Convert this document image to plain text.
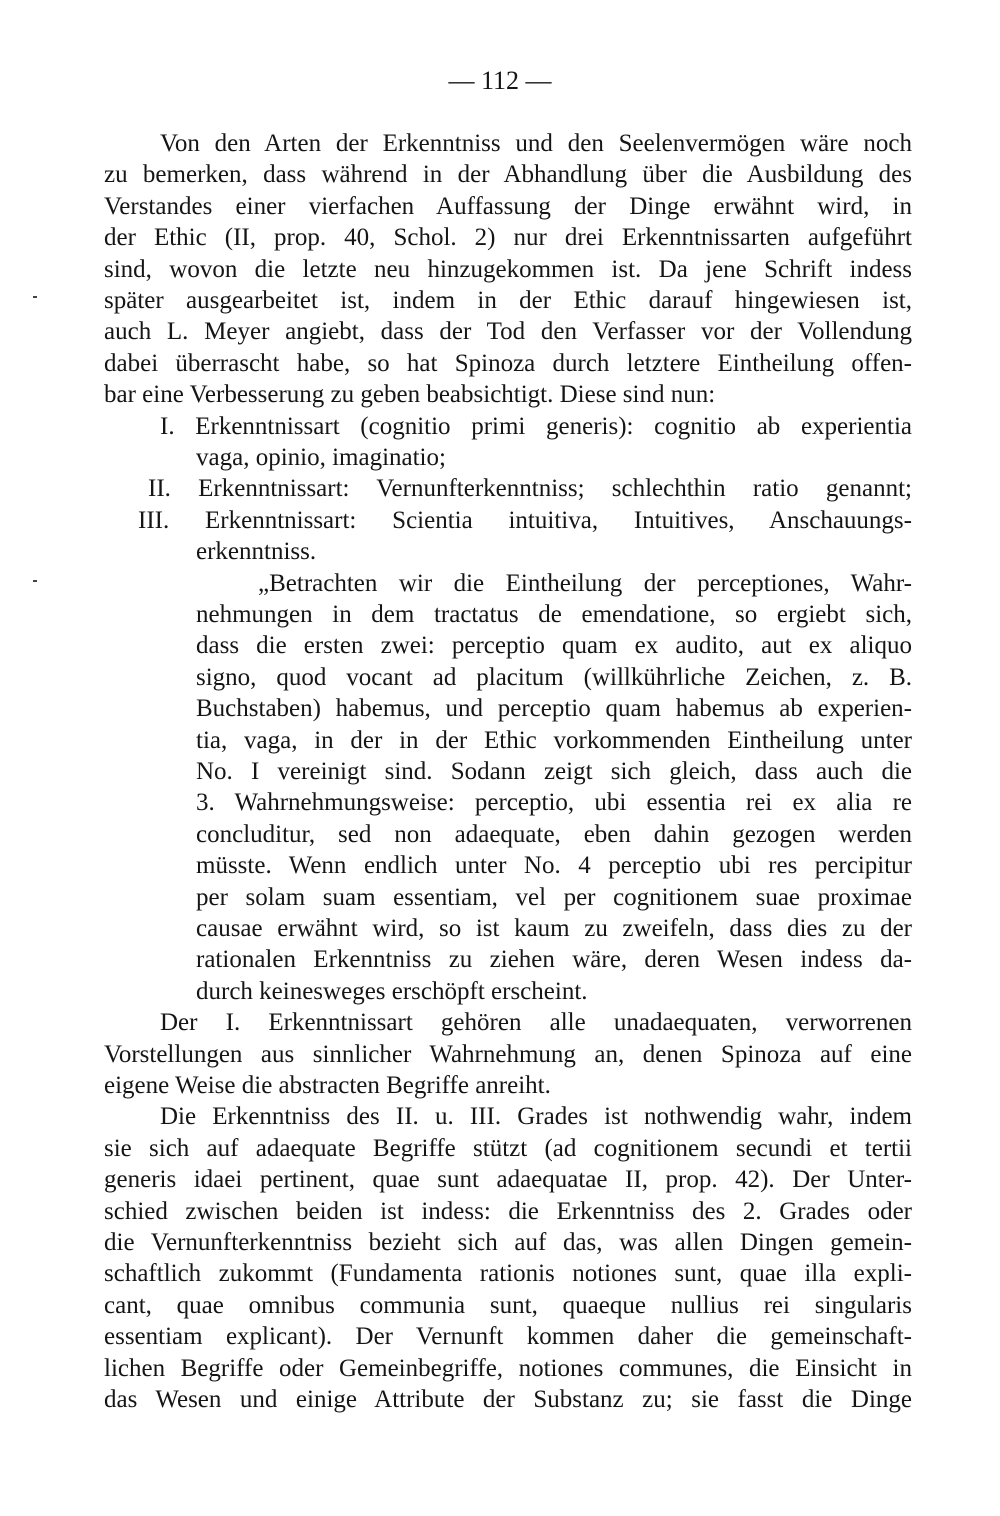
— 112 —
Von den Arten der Erkenntniss und den Seelenvermögen wäre noch
zu bemerken, dass während in der Abhandlung über die Ausbildung des
Verstandes einer vierfachen Auffassung der Dinge erwähnt wird, in
der Ethic (II, prop. 40, Schol. 2) nur drei Erkenntnissarten aufgeführt
sind, wovon die letzte neu hinzugekommen ist. Da jene Schrift indess
später ausgearbeitet ist, indem in der Ethic darauf hingewiesen ist,
auch L. Meyer angiebt, dass der Tod den Verfasser vor der Vollendung
dabei überrascht habe, so hat Spinoza durch letztere Eintheilung offen-
bar eine Verbesserung zu geben beabsichtigt. Diese sind nun:
I. Erkenntnissart (cognitio primi generis): cognitio ab experientia
vaga, opinio, imaginatio;
II. Erkenntnissart: Vernunfterkenntniss; schlechthin ratio genannt;
III. Erkenntnissart: Scientia intuitiva, Intuitives, Anschauungs-
erkenntniss.
„Betrachten wir die Eintheilung der perceptiones, Wahr-
nehmungen in dem tractatus de emendatione, so ergiebt sich,
dass die ersten zwei: perceptio quam ex audito, aut ex aliquo
signo, quod vocant ad placitum (willkührliche Zeichen, z. B.
Buchstaben) habemus, und perceptio quam habemus ab experien-
tia, vaga, in der in der Ethic vorkommenden Eintheilung unter
No. I vereinigt sind. Sodann zeigt sich gleich, dass auch die
3. Wahrnehmungsweise: perceptio, ubi essentia rei ex alia re
concluditur, sed non adaequate, eben dahin gezogen werden
müsste. Wenn endlich unter No. 4 perceptio ubi res percipitur
per solam suam essentiam, vel per cognitionem suae proximae
causae erwähnt wird, so ist kaum zu zweifeln, dass dies zu der
rationalen Erkenntniss zu ziehen wäre, deren Wesen indess da-
durch keinesweges erschöpft erscheint.
Der I. Erkenntnissart gehören alle unadaequaten, verworrenen
Vorstellungen aus sinnlicher Wahrnehmung an, denen Spinoza auf eine
eigene Weise die abstracten Begriffe anreiht.
Die Erkenntniss des II. u. III. Grades ist nothwendig wahr, indem
sie sich auf adaequate Begriffe stützt (ad cognitionem secundi et tertii
generis idaei pertinent, quae sunt adaequatae II, prop. 42). Der Unter-
schied zwischen beiden ist indess: die Erkenntniss des 2. Grades oder
die Vernunfterkenntniss bezieht sich auf das, was allen Dingen gemein-
schaftlich zukommt (Fundamenta rationis notiones sunt, quae illa expli-
cant, quae omnibus communia sunt, quaeque nullius rei singularis
essentiam explicant). Der Vernunft kommen daher die gemeinschaft-
lichen Begriffe oder Gemeinbegriffe, notiones communes, die Einsicht in
das Wesen und einige Attribute der Substanz zu; sie fasst die Dinge
